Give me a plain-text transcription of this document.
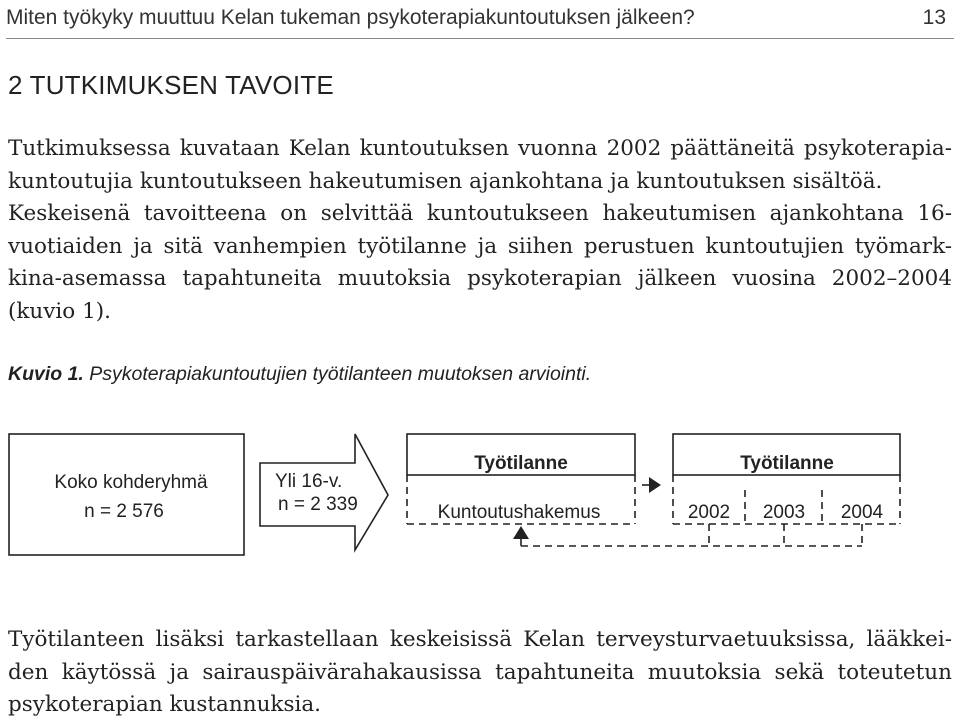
Miten työkyky muuttuu Kelan tukeman psykoterapiakuntoutuksen jälkeen?	13
2 TUTKIMUKSEN TAVOITE

Tutkimuksessa kuvataan Kelan kuntoutuksen vuonna 2002 päättäneitä psykoterapia-
kuntoutujia kuntoutukseen hakeutumisen ajankohtana ja kuntoutuksen sisältöä.
Keskeisenä tavoitteena on selvittää kuntoutukseen hakeutumisen ajankohtana 16-
vuotiaiden ja sitä vanhempien työtilanne ja siihen perustuen kuntoutujien työmark-
kina-asemassa tapahtuneita muutoksia psykoterapian jälkeen vuosina 2002–2004
(kuvio 1).

Kuvio 1. Psykoterapiakuntoutujien työtilanteen muutoksen arviointi.
Koko kohderyhmä
n = 2 576
Yli 16-v.
n = 2 339
Työtilanne
Kuntoutushakemus
Työtilanne
2002 2003 2004

Työtilanteen lisäksi tarkastellaan keskeisissä Kelan terveysturvaetuuksissa, lääkkei-
den käytössä ja sairauspäivärahakausissa tapahtuneita muutoksia sekä toteutetun
psykoterapian kustannuksia.
